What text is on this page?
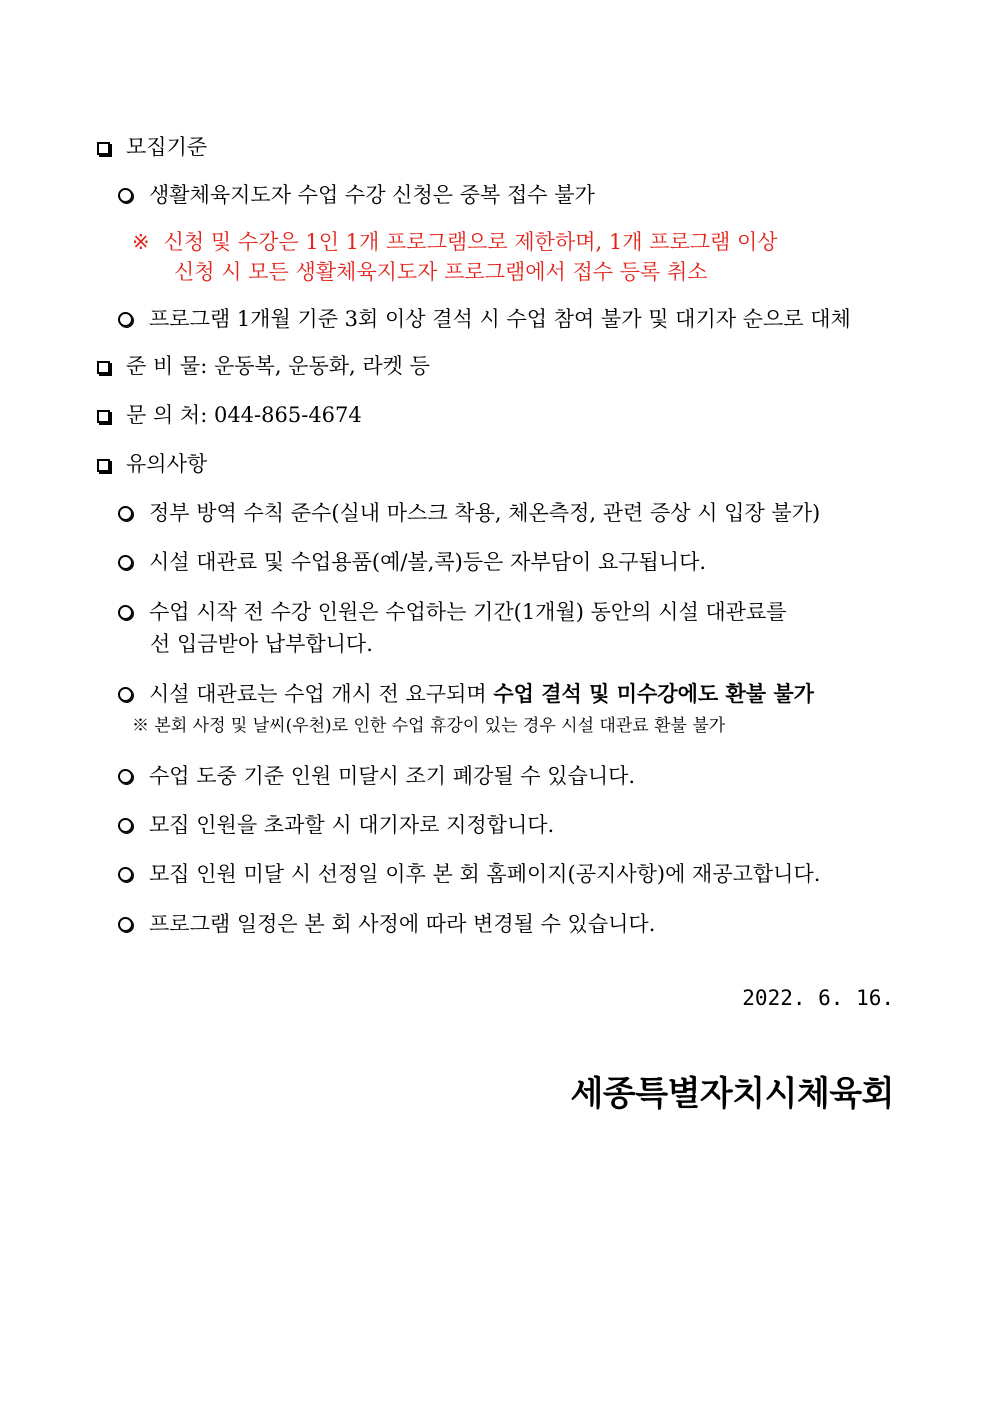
모집기준
생활체육지도자 수업 수강 신청은 중복 접수 불가
※ 신청 및 수강은 1인 1개 프로그램으로 제한하며, 1개 프로그램 이상
신청 시 모든 생활체육지도자 프로그램에서 접수 등록 취소
프로그램 1개월 기준 3회 이상 결석 시 수업 참여 불가 및 대기자 순으로 대체
준 비 물: 운동복, 운동화, 라켓 등
문 의 처: 044-865-4674
유의사항
정부 방역 수칙 준수(실내 마스크 착용, 체온측정, 관련 증상 시 입장 불가)
시설 대관료 및 수업용품(예/볼,콕)등은 자부담이 요구됩니다.
수업 시작 전 수강 인원은 수업하는 기간(1개월) 동안의 시설 대관료를
선 입금받아 납부합니다.
시설 대관료는 수업 개시 전 요구되며 수업 결석 및 미수강에도 환불 불가
※ 본회 사정 및 날씨(우천)로 인한 수업 휴강이 있는 경우 시설 대관료 환불 불가
수업 도중 기준 인원 미달시 조기 폐강될 수 있습니다.
모집 인원을 초과할 시 대기자로 지정합니다.
모집 인원 미달 시 선정일 이후 본 회 홈페이지(공지사항)에 재공고합니다.
프로그램 일정은 본 회 사정에 따라 변경될 수 있습니다.
2022. 6. 16.
세종특별자치시체육회
